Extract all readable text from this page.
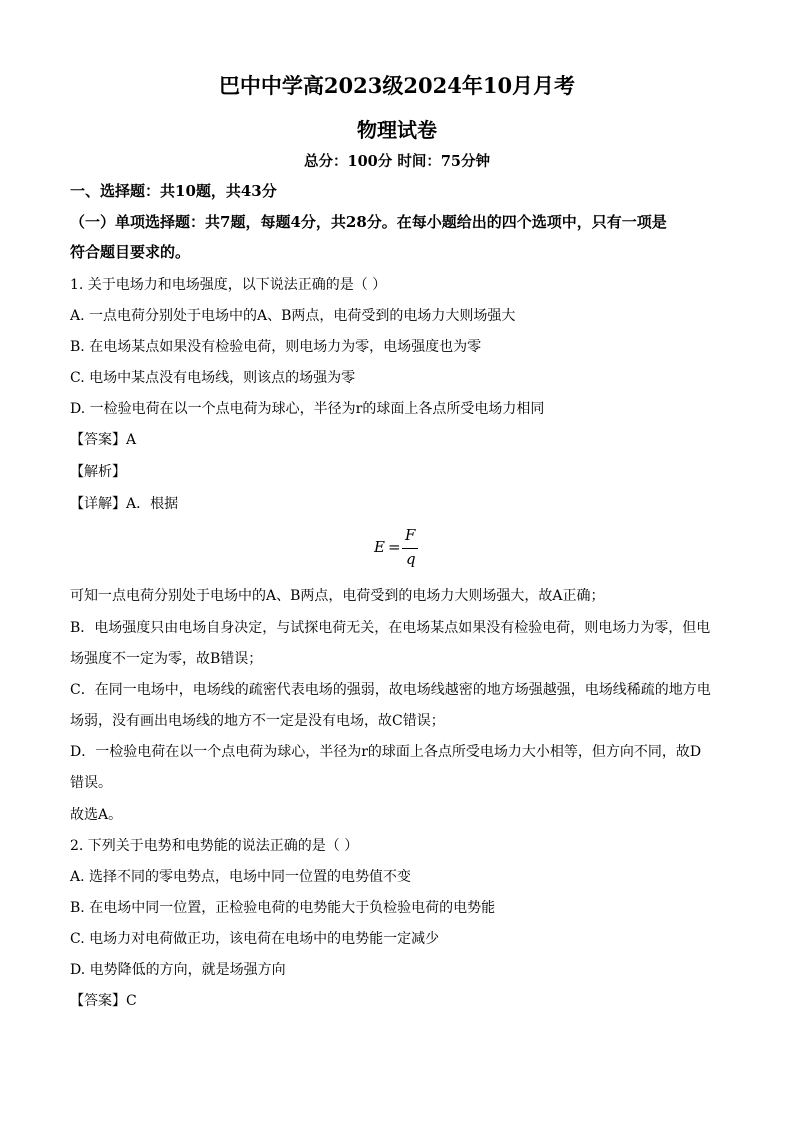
巴中中学高2023级2024年10月月考
物理试卷
总分：100分 时间：75分钟
一、选择题：共10题，共43分
（一）单项选择题：共7题，每题4分，共28分。在每小题给出的四个选项中，只有一项是
符合题目要求的。
1. 关于电场力和电场强度，以下说法正确的是（ ）
A. 一点电荷分别处于电场中的A、B两点，电荷受到的电场力大则场强大
B. 在电场某点如果没有检验电荷，则电场力为零，电场强度也为零
C. 电场中某点没有电场线，则该点的场强为零
D. 一检验电荷在以一个点电荷为球心，半径为r的球面上各点所受电场力相同
【答案】A
【解析】
【详解】A．根据
E =
F
q
可知一点电荷分别处于电场中的A、B两点，电荷受到的电场力大则场强大，故A正确；
B．电场强度只由电场自身决定，与试探电荷无关，在电场某点如果没有检验电荷，则电场力为零，但电
场强度不一定为零，故B错误；
C．在同一电场中，电场线的疏密代表电场的强弱，故电场线越密的地方场强越强，电场线稀疏的地方电
场弱，没有画出电场线的地方不一定是没有电场，故C错误；
D．一检验电荷在以一个点电荷为球心，半径为r的球面上各点所受电场力大小相等，但方向不同，故D
错误。
故选A。
2. 下列关于电势和电势能的说法正确的是（ ）
A. 选择不同的零电势点，电场中同一位置的电势值不变
B. 在电场中同一位置，正检验电荷的电势能大于负检验电荷的电势能
C. 电场力对电荷做正功，该电荷在电场中的电势能一定减少
D. 电势降低的方向，就是场强方向
【答案】C
